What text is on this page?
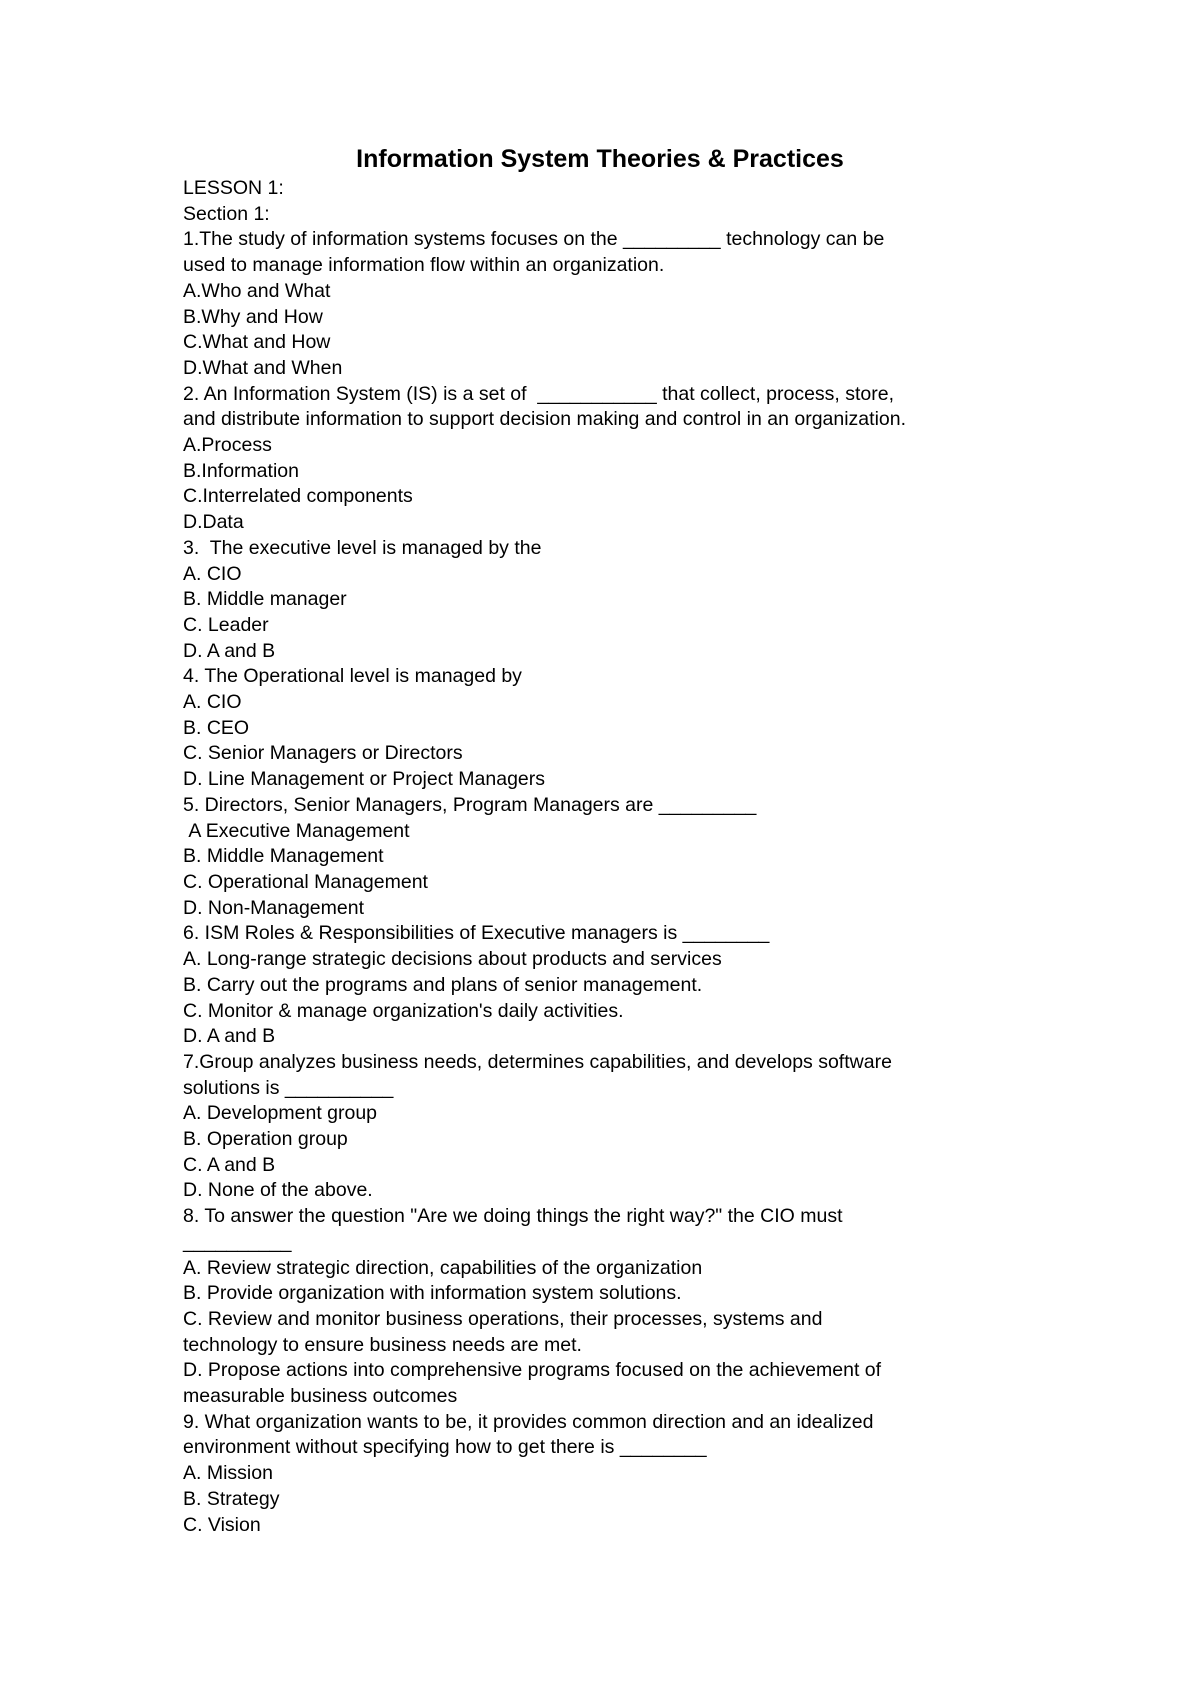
Information System Theories & Practices
LESSON 1:
Section 1:
1.The study of information systems focuses on the _________ technology can be
used to manage information flow within an organization.
A.Who and What
B.Why and How
C.What and How
D.What and When
2. An Information System (IS) is a set of  ___________ that collect, process, store,
and distribute information to support decision making and control in an organization.
A.Process
B.Information
C.Interrelated components
D.Data
3.  The executive level is managed by the
A. CIO
B. Middle manager
C. Leader
D. A and B
4. The Operational level is managed by
A. CIO
B. CEO
C. Senior Managers or Directors
D. Line Management or Project Managers
5. Directors, Senior Managers, Program Managers are _________
A Executive Management
B. Middle Management
C. Operational Management
D. Non-Management
6. ISM Roles & Responsibilities of Executive managers is ________
A. Long-range strategic decisions about products and services
B. Carry out the programs and plans of senior management.
C. Monitor & manage organization's daily activities.
D. A and B
7.Group analyzes business needs, determines capabilities, and develops software
solutions is __________
A. Development group
B. Operation group
C. A and B
D. None of the above.
8. To answer the question "Are we doing things the right way?" the CIO must
__________
A. Review strategic direction, capabilities of the organization
B. Provide organization with information system solutions.
C. Review and monitor business operations, their processes, systems and
technology to ensure business needs are met.
D. Propose actions into comprehensive programs focused on the achievement of
measurable business outcomes
9. What organization wants to be, it provides common direction and an idealized
environment without specifying how to get there is ________
A. Mission
B. Strategy
C. Vision
